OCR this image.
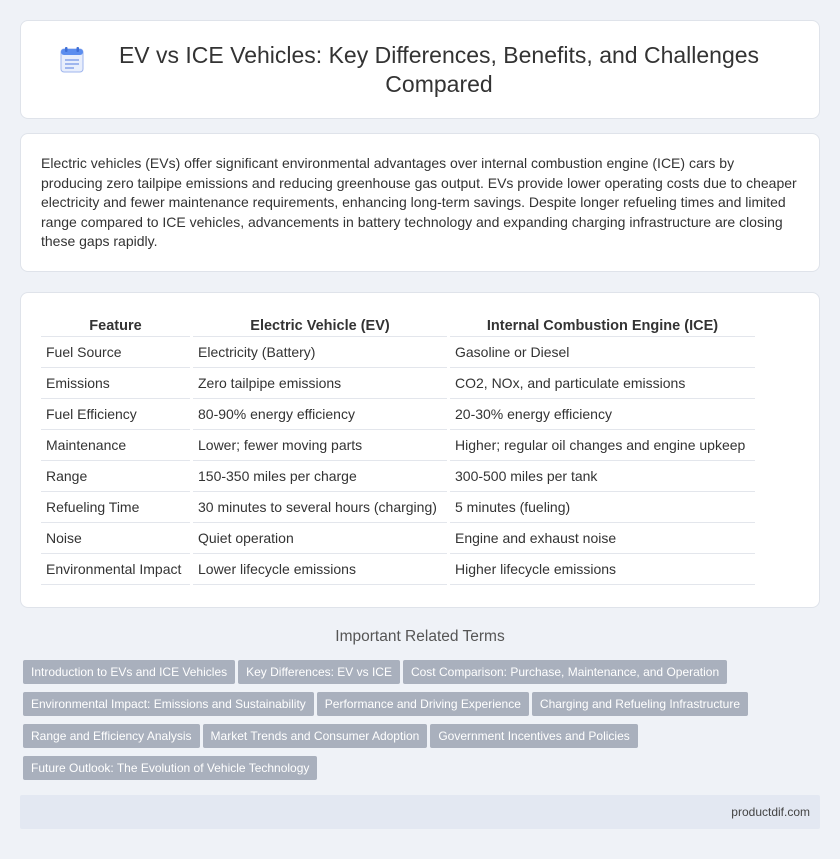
EV vs ICE Vehicles: Key Differences, Benefits, and Challenges Compared

Electric vehicles (EVs) offer significant environmental advantages over internal combustion engine (ICE) cars by producing zero tailpipe emissions and reducing greenhouse gas output. EVs provide lower operating costs due to cheaper electricity and fewer maintenance requirements, enhancing long-term savings. Despite longer refueling times and limited range compared to ICE vehicles, advancements in battery technology and expanding charging infrastructure are closing these gaps rapidly.

Feature	Electric Vehicle (EV)	Internal Combustion Engine (ICE)
Fuel Source	Electricity (Battery)	Gasoline or Diesel
Emissions	Zero tailpipe emissions	CO2, NOx, and particulate emissions
Fuel Efficiency	80-90% energy efficiency	20-30% energy efficiency
Maintenance	Lower; fewer moving parts	Higher; regular oil changes and engine upkeep
Range	150-350 miles per charge	300-500 miles per tank
Refueling Time	30 minutes to several hours (charging)	5 minutes (fueling)
Noise	Quiet operation	Engine and exhaust noise
Environmental Impact	Lower lifecycle emissions	Higher lifecycle emissions
Important Related Terms
Introduction to EVs and ICE Vehicles Key Differences: EV vs ICE Cost Comparison: Purchase, Maintenance, and OperationEnvironmental Impact: Emissions and Sustainability Performance and Driving Experience Charging and Refueling InfrastructureRange and Efficiency Analysis Market Trends and Consumer Adoption Government Incentives and PoliciesFuture Outlook: The Evolution of Vehicle Technology
productdif.com
